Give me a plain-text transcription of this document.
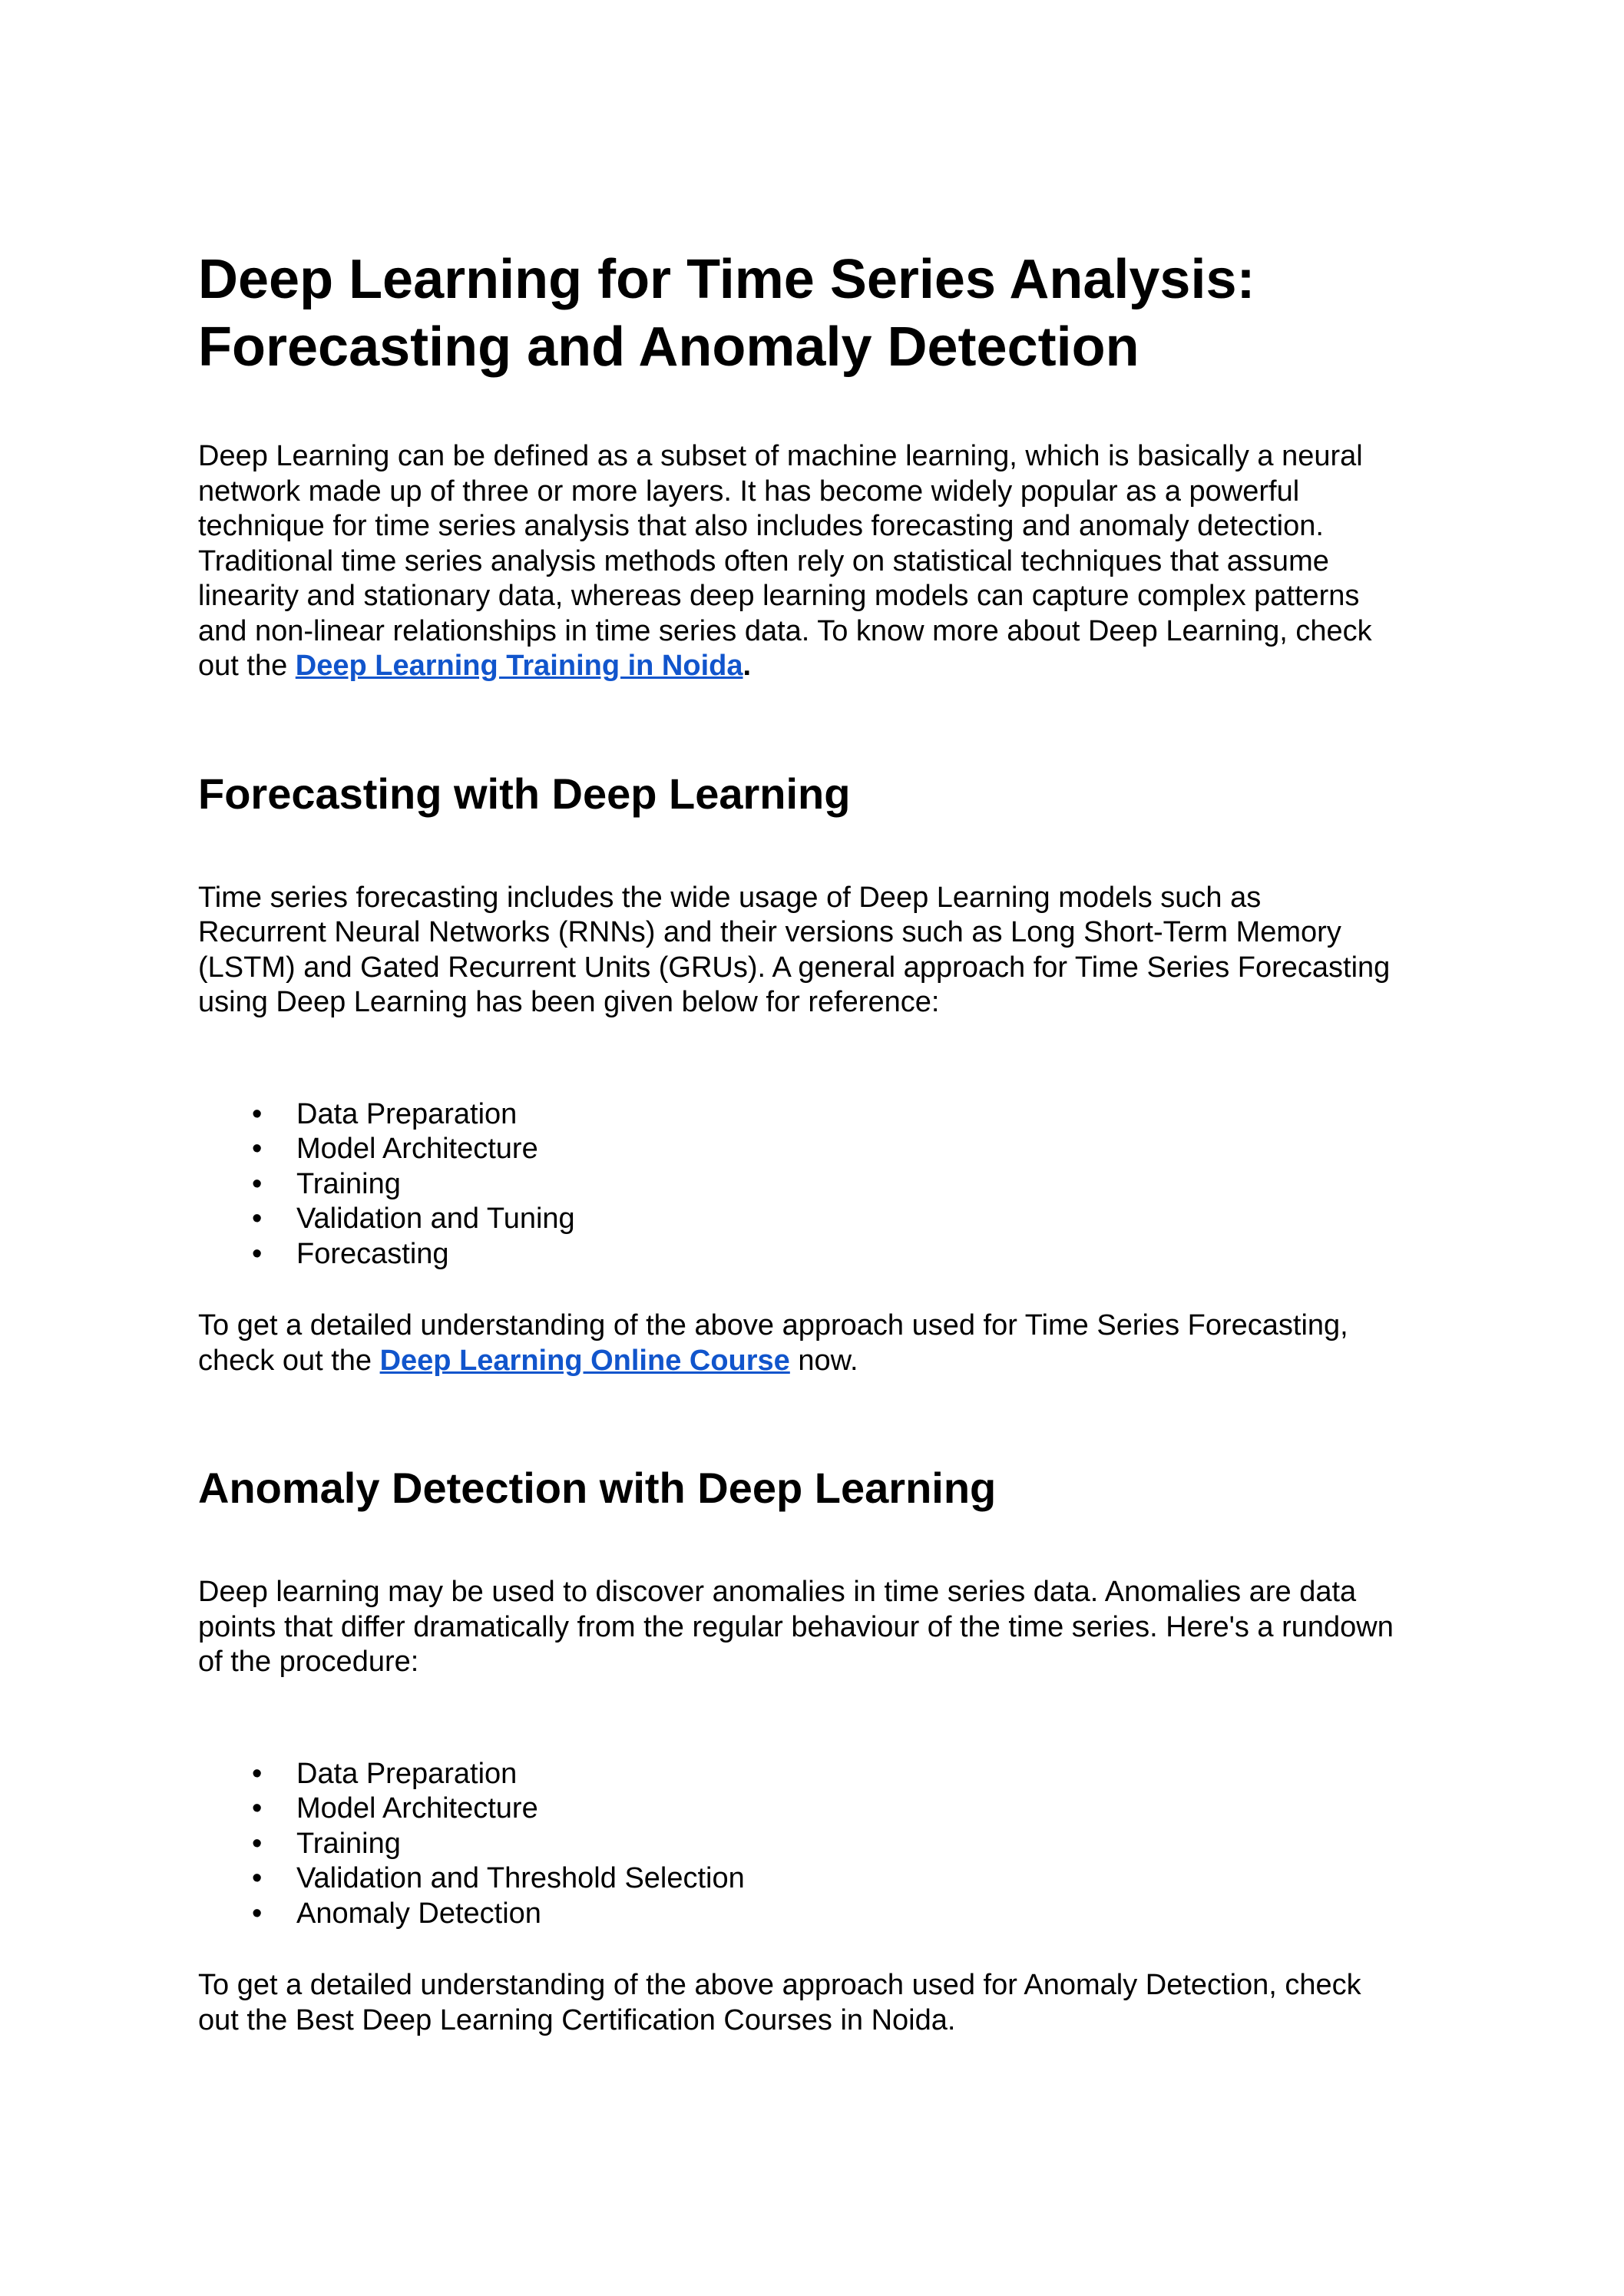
Deep Learning for Time Series Analysis:
Forecasting and Anomaly Detection

Deep Learning can be defined as a subset of machine learning, which is basically a neural
network made up of three or more layers. It has become widely popular as a powerful
technique for time series analysis that also includes forecasting and anomaly detection.
Traditional time series analysis methods often rely on statistical techniques that assume
linearity and stationary data, whereas deep learning models can capture complex patterns
and non-linear relationships in time series data. To know more about Deep Learning, check
out the Deep Learning Training in Noida.

Forecasting with Deep Learning

Time series forecasting includes the wide usage of Deep Learning models such as
Recurrent Neural Networks (RNNs) and their versions such as Long Short-Term Memory
(LSTM) and Gated Recurrent Units (GRUs). A general approach for Time Series Forecasting
using Deep Learning has been given below for reference:

• Data Preparation
• Model Architecture
• Training
• Validation and Tuning
• Forecasting

To get a detailed understanding of the above approach used for Time Series Forecasting,
check out the Deep Learning Online Course now.

Anomaly Detection with Deep Learning

Deep learning may be used to discover anomalies in time series data. Anomalies are data
points that differ dramatically from the regular behaviour of the time series. Here's a rundown
of the procedure:

• Data Preparation
• Model Architecture
• Training
• Validation and Threshold Selection
• Anomaly Detection

To get a detailed understanding of the above approach used for Anomaly Detection, check
out the Best Deep Learning Certification Courses in Noida.
